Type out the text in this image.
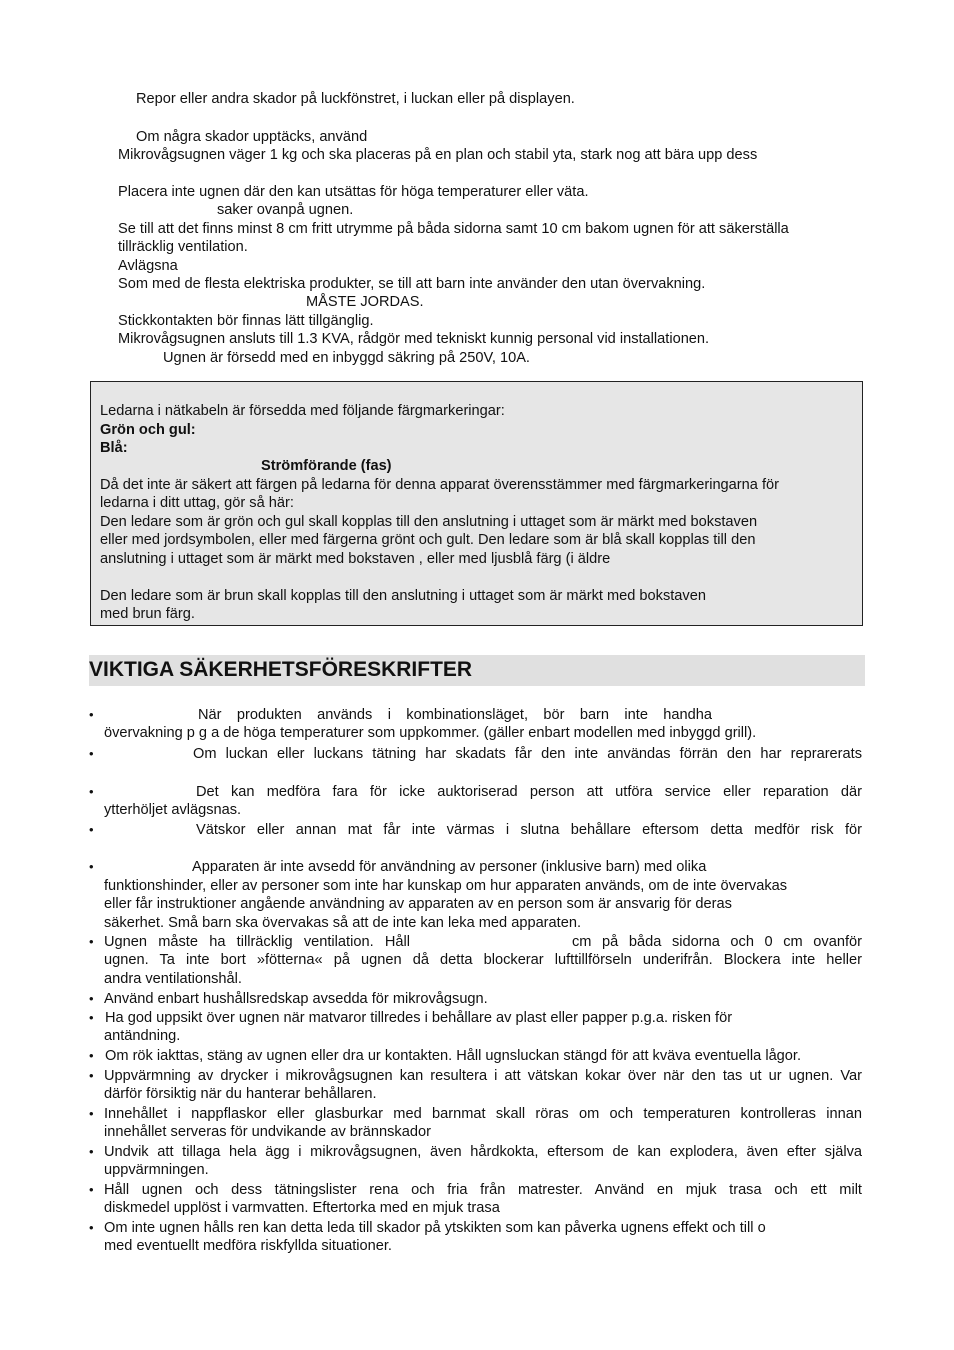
Repor eller andra skador på luckfönstret, i luckan eller på displayen.
Om några skador upptäcks, använd
Mikrovågsugnen väger 1 kg och ska placeras på en plan och stabil yta, stark nog att bära upp dess
Placera inte ugnen där den kan utsättas för höga temperaturer eller väta.
saker ovanpå ugnen.
Se till att det finns minst 8 cm fritt utrymme på båda sidorna samt 10 cm bakom ugnen för att säkerställa
tillräcklig ventilation.
Avlägsna
Som med de flesta elektriska produkter, se till att barn inte använder den utan övervakning.
MÅSTE JORDAS.
Stickkontakten bör finnas lätt tillgänglig.
Mikrovågsugnen ansluts till 1.3 KVA, rådgör med tekniskt kunnig personal vid installationen.
Ugnen är försedd med en inbyggd säkring på 250V, 10A.
Ledarna i nätkabeln är försedda med följande färgmarkeringar:
Grön och gul:
Blå:
Strömförande (fas)
Då det inte är säkert att färgen på ledarna för denna apparat överensstämmer med färgmarkeringarna för
ledarna i ditt uttag, gör så här:
Den ledare som är grön och gul skall kopplas till den anslutning i uttaget som är märkt med bokstaven
eller med jordsymbolen, eller med färgerna grönt och gult. Den ledare som är blå skall kopplas till den
anslutning i uttaget som är märkt med bokstaven , eller med ljusblå färg (i äldre
Den ledare som är brun skall kopplas till den anslutning i uttaget som är märkt med bokstaven
med brun färg.
VIKTIGA SÄKERHETSFÖRESKRIFTER
•	När produkten används i kombinationsläget, bör barn inte handha
övervakning p g a de höga temperaturer som uppkommer. (gäller enbart modellen med inbyggd grill).
•	Om luckan eller luckans tätning har skadats får den inte användas förrän den har reprarerats
•	Det kan medföra fara för icke auktoriserad person att utföra service eller reparation där
ytterhöljet avlägsnas.
•	Vätskor eller annan mat får inte värmas i slutna behållare eftersom detta medför risk för
•	Apparaten är inte avsedd för användning av personer (inklusive barn) med olika
funktionshinder, eller av personer som inte har kunskap om hur apparaten används, om de inte övervakas
eller får instruktioner angående användning av apparaten av en person som är ansvarig för deras
säkerhet. Små barn ska övervakas så att de inte kan leka med apparaten.
• Ugnen måste ha tillräcklig ventilation. Håll	cm på båda sidorna och 0 cm ovanför
ugnen. Ta inte bort »fötterna« på ugnen då detta blockerar lufttillförseln underifrån. Blockera inte heller
andra ventilationshål.
• Använd enbart hushållsredskap avsedda för mikrovågsugn.
• Ha god uppsikt över ugnen när matvaror tillredes i behållare av plast eller papper p.g.a. risken för
antändning.
• Om rök iakttas, stäng av ugnen eller dra ur kontakten. Håll ugnsluckan stängd för att kväva eventuella lågor.
• Uppvärmning av drycker i mikrovågsugnen kan resultera i att vätskan kokar över när den tas ut ur ugnen. Var
därför försiktig när du hanterar behållaren.
• Innehållet i nappflaskor eller glasburkar med barnmat skall röras om och temperaturen kontrolleras innan
innehållet serveras för undvikande av brännskador
• Undvik att tillaga hela ägg i mikrovågsugnen, även hårdkokta, eftersom de kan explodera, även efter själva
uppvärmningen.
• Håll ugnen och dess tätningslister rena och fria från matrester. Använd en mjuk trasa och ett milt
diskmedel upplöst i varmvatten. Eftertorka med en mjuk trasa
• Om inte ugnen hålls ren kan detta leda till skador på ytskikten som kan påverka ugnens effekt och till o
med eventuellt medföra riskfyllda situationer.
